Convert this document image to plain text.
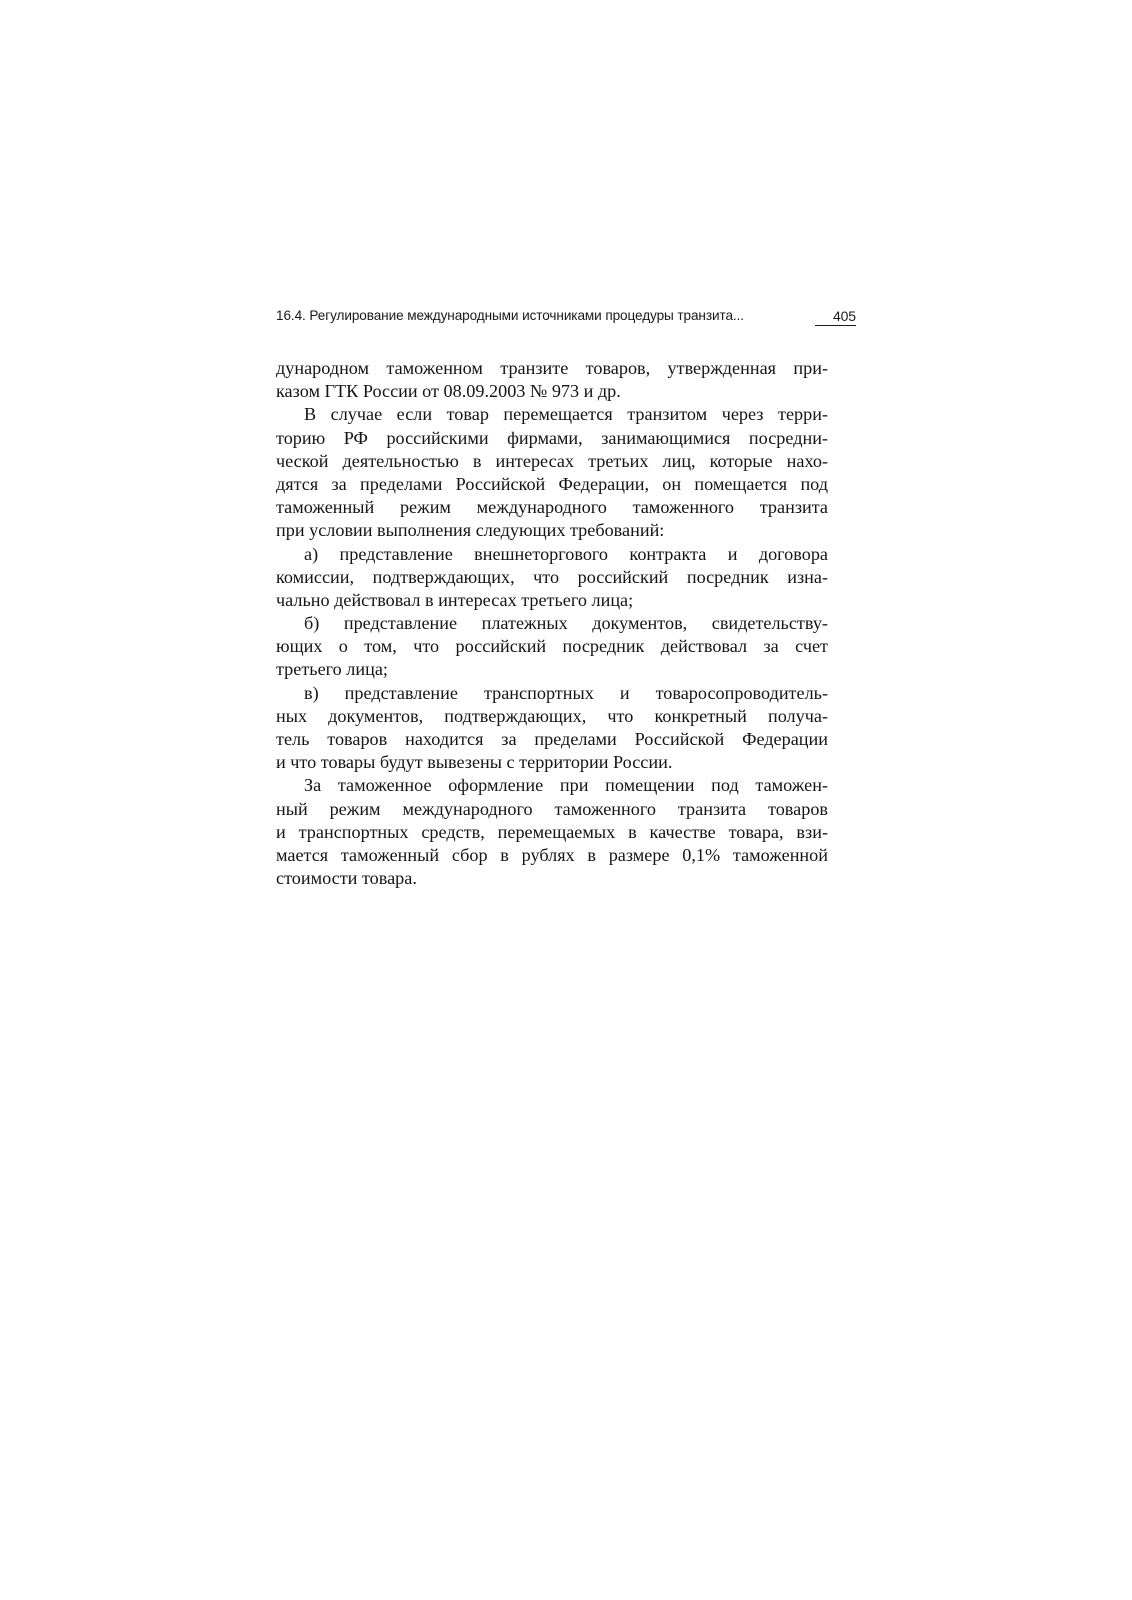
16.4. Регулирование международными источниками процедуры транзита...	405
дународном таможенном транзите товаров, утвержденная при-
казом ГТК России от 08.09.2003 № 973 и др.
В случае если товар перемещается транзитом через терри-
торию РФ российскими фирмами, занимающимися посредни-
ческой деятельностью в интересах третьих лиц, которые нахо-
дятся за пределами Российской Федерации, он помещается под
таможенный режим международного таможенного транзита
при условии выполнения следующих требований:
а) представление внешнеторгового контракта и договора
комиссии, подтверждающих, что российский посредник изна-
чально действовал в интересах третьего лица;
б) представление платежных документов, свидетельству-
ющих о том, что российский посредник действовал за счет
третьего лица;
в) представление транспортных и товаросопроводитель-
ных документов, подтверждающих, что конкретный получа-
тель товаров находится за пределами Российской Федерации
и что товары будут вывезены с территории России.
За таможенное оформление при помещении под таможен-
ный режим международного таможенного транзита товаров
и транспортных средств, перемещаемых в качестве товара, взи-
мается таможенный сбор в рублях в размере 0,1% таможенной
стоимости товара.
